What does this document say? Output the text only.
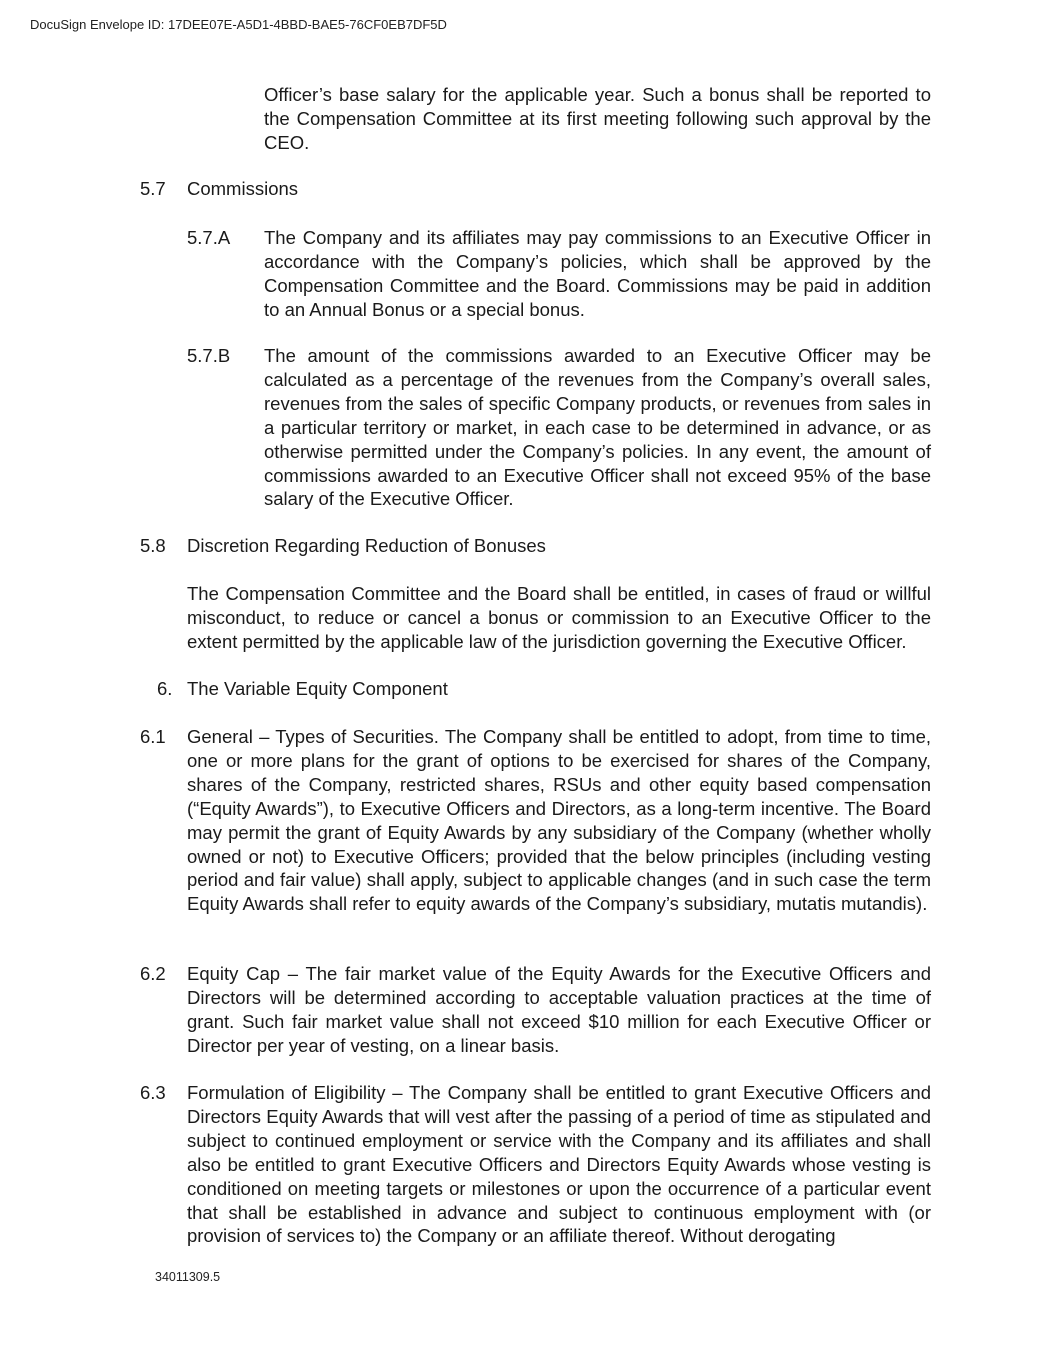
DocuSign Envelope ID: 17DEE07E-A5D1-4BBD-BAE5-76CF0EB7DF5D

Officer’s base salary for the applicable year. Such a bonus shall be reported to the Compensation Committee at its first meeting following such approval by the CEO.

5.7 Commissions
5.7.A The Company and its affiliates may pay commissions to an Executive Officer in accordance with the Company’s policies, which shall be approved by the Compensation Committee and the Board. Commissions may be paid in addition to an Annual Bonus or a special bonus.

5.7.B The amount of the commissions awarded to an Executive Officer may be calculated as a percentage of the revenues from the Company’s overall sales, revenues from the sales of specific Company products, or revenues from sales in a particular territory or market, in each case to be determined in advance, or as otherwise permitted under the Company’s policies. In any event, the amount of commissions awarded to an Executive Officer shall not exceed 95% of the base salary of the Executive Officer.

5.8 Discretion Regarding Reduction of Bonuses

The Compensation Committee and the Board shall be entitled, in cases of fraud or willful misconduct, to reduce or cancel a bonus or commission to an Executive Officer to the extent permitted by the applicable law of the jurisdiction governing the Executive Officer.

6. The Variable Equity Component
6.1 General – Types of Securities. The Company shall be entitled to adopt, from time to time, one or more plans for the grant of options to be exercised for shares of the Company, shares of the Company, restricted shares, RSUs and other equity based compensation (“Equity Awards”), to Executive Officers and Directors, as a long-term incentive. The Board may permit the grant of Equity Awards by any subsidiary of the Company (whether wholly owned or not) to Executive Officers; provided that the below principles (including vesting period and fair value) shall apply, subject to applicable changes (and in such case the term Equity Awards shall refer to equity awards of the Company’s subsidiary, mutatis mutandis).

6.2 Equity Cap – The fair market value of the Equity Awards for the Executive Officers and Directors will be determined according to acceptable valuation practices at the time of grant. Such fair market value shall not exceed $10 million for each Executive Officer or Director per year of vesting, on a linear basis.

6.3 Formulation of Eligibility – The Company shall be entitled to grant Executive Officers and Directors Equity Awards that will vest after the passing of a period of time as stipulated and subject to continued employment or service with the Company and its affiliates and shall also be entitled to grant Executive Officers and Directors Equity Awards whose vesting is conditioned on meeting targets or milestones or upon the occurrence of a particular event that shall be established in advance and subject to continuous employment with (or provision of services to) the Company or an affiliate thereof. Without derogating

34011309.5
